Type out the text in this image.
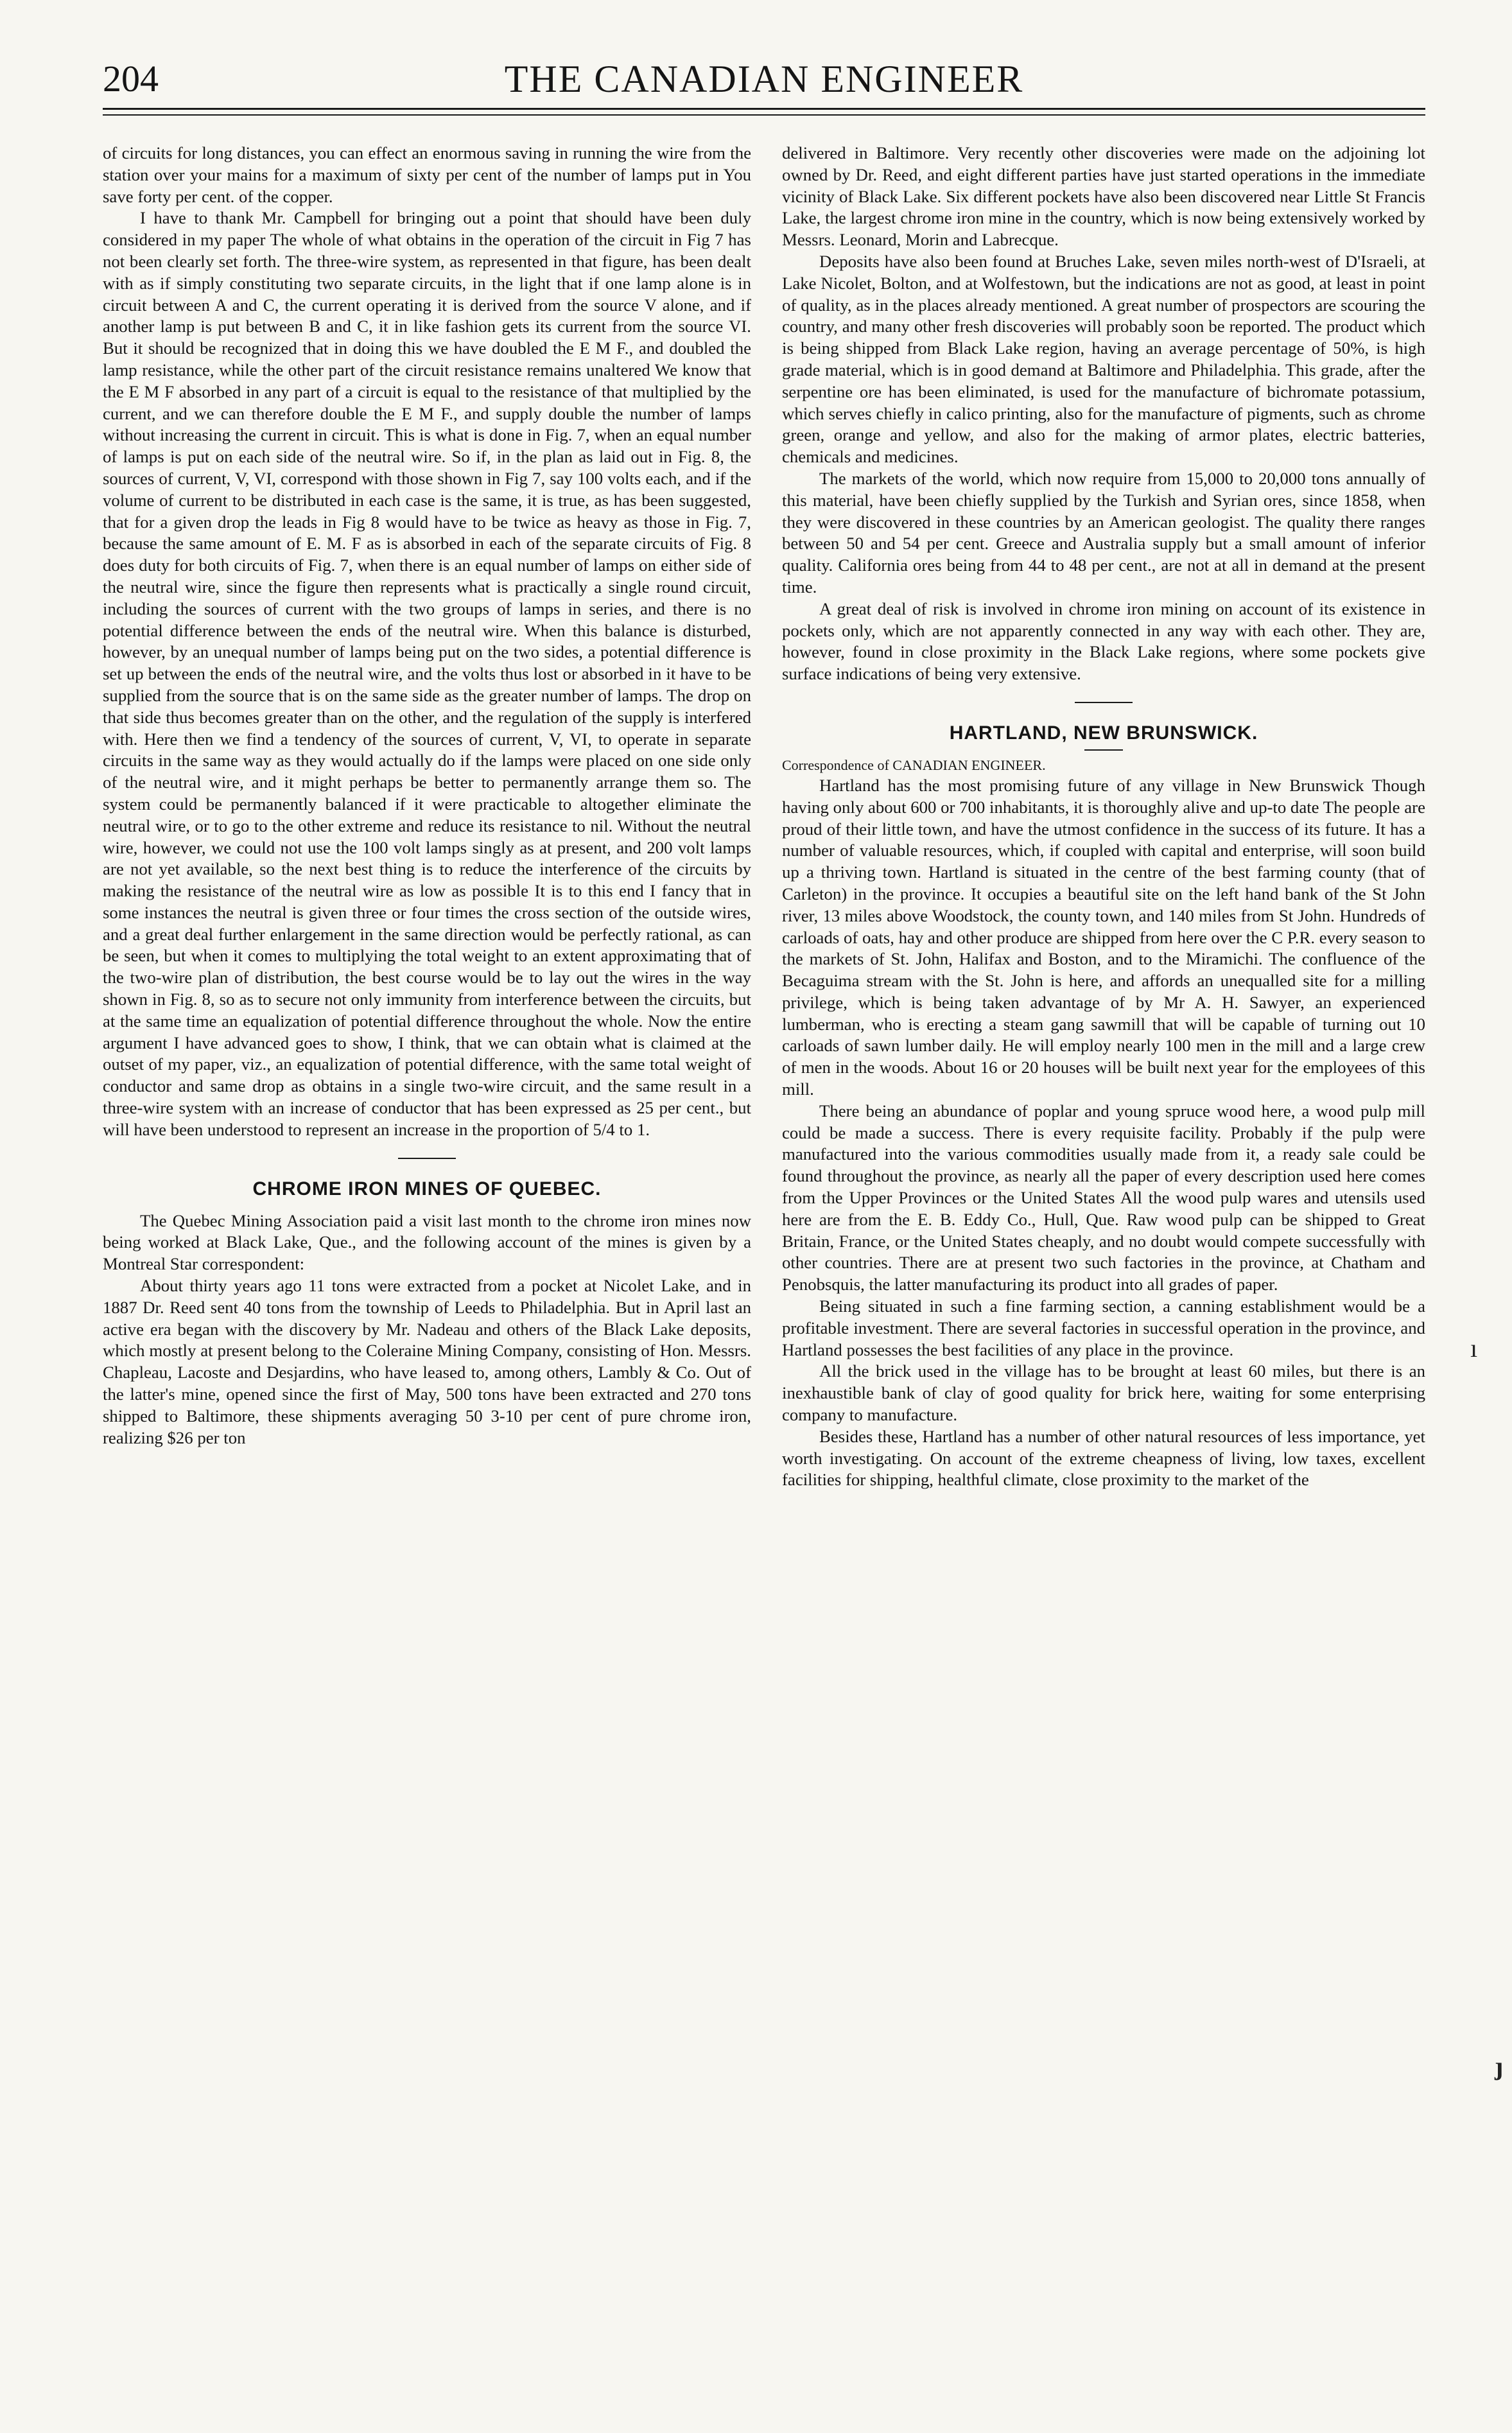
204	THE CANADIAN ENGINEER

of circuits for long distances, you can effect an enormous saving in running the wire from the station over your mains for a maximum of sixty per cent of the number of lamps put in You save forty per cent. of the copper.

I have to thank Mr. Campbell for bringing out a point that should have been duly considered in my paper The whole of what obtains in the operation of the circuit in Fig 7 has not been clearly set forth. The three-wire system, as represented in that figure, has been dealt with as if simply constituting two separate circuits, in the light that if one lamp alone is in circuit between A and C, the current operating it is derived from the source V alone, and if another lamp is put between B and C, it in like fashion gets its current from the source VI. But it should be recognized that in doing this we have doubled the E M F., and doubled the lamp resistance, while the other part of the circuit resistance remains unaltered We know that the E M F absorbed in any part of a circuit is equal to the resistance of that multiplied by the current, and we can therefore double the E M F., and supply double the number of lamps without increasing the current in circuit. This is what is done in Fig. 7, when an equal number of lamps is put on each side of the neutral wire. So if, in the plan as laid out in Fig. 8, the sources of current, V, VI, correspond with those shown in Fig 7, say 100 volts each, and if the volume of current to be distributed in each case is the same, it is true, as has been suggested, that for a given drop the leads in Fig 8 would have to be twice as heavy as those in Fig. 7, because the same amount of E. M. F as is absorbed in each of the separate circuits of Fig. 8 does duty for both circuits of Fig. 7, when there is an equal number of lamps on either side of the neutral wire, since the figure then represents what is practically a single round circuit, including the sources of current with the two groups of lamps in series, and there is no potential difference between the ends of the neutral wire. When this balance is disturbed, however, by an unequal number of lamps being put on the two sides, a potential difference is set up between the ends of the neutral wire, and the volts thus lost or absorbed in it have to be supplied from the source that is on the same side as the greater number of lamps. The drop on that side thus becomes greater than on the other, and the regulation of the supply is interfered with. Here then we find a tendency of the sources of current, V, VI, to operate in separate circuits in the same way as they would actually do if the lamps were placed on one side only of the neutral wire, and it might perhaps be better to permanently arrange them so. The system could be permanently balanced if it were practicable to altogether eliminate the neutral wire, or to go to the other extreme and reduce its resistance to nil. Without the neutral wire, however, we could not use the 100 volt lamps singly as at present, and 200 volt lamps are not yet available, so the next best thing is to reduce the interference of the circuits by making the resistance of the neutral wire as low as possible It is to this end I fancy that in some instances the neutral is given three or four times the cross section of the outside wires, and a great deal further enlargement in the same direction would be perfectly rational, as can be seen, but when it comes to multiplying the total weight to an extent approximating that of the two-wire plan of distribution, the best course would be to lay out the wires in the way shown in Fig. 8, so as to secure not only immunity from interference between the circuits, but at the same time an equalization of potential difference throughout the whole. Now the entire argument I have advanced goes to show, I think, that we can obtain what is claimed at the outset of my paper, viz., an equalization of potential difference, with the same total weight of conductor and same drop as obtains in a single two-wire circuit, and the same result in a three-wire system with an increase of conductor that has been expressed as 25 per cent., but will have been understood to represent an increase in the proportion of 5/4 to 1.

CHROME IRON MINES OF QUEBEC.

The Quebec Mining Association paid a visit last month to the chrome iron mines now being worked at Black Lake, Que., and the following account of the mines is given by a Montreal Star correspondent:

About thirty years ago 11 tons were extracted from a pocket at Nicolet Lake, and in 1887 Dr. Reed sent 40 tons from the township of Leeds to Philadelphia. But in April last an active era began with the discovery by Mr. Nadeau and others of the Black Lake deposits, which mostly at present belong to the Coleraine Mining Company, consisting of Hon. Messrs. Chapleau, Lacoste and Desjardins, who have leased to, among others, Lambly & Co. Out of the latter's mine, opened since the first of May, 500 tons have been extracted and 270 tons shipped to Baltimore, these shipments averaging 50 3-10 per cent of pure chrome iron, realizing $26 per ton

delivered in Baltimore. Very recently other discoveries were made on the adjoining lot owned by Dr. Reed, and eight different parties have just started operations in the immediate vicinity of Black Lake. Six different pockets have also been discovered near Little St Francis Lake, the largest chrome iron mine in the country, which is now being extensively worked by Messrs. Leonard, Morin and Labrecque.

Deposits have also been found at Bruches Lake, seven miles north-west of D'Israeli, at Lake Nicolet, Bolton, and at Wolfestown, but the indications are not as good, at least in point of quality, as in the places already mentioned. A great number of prospectors are scouring the country, and many other fresh discoveries will probably soon be reported. The product which is being shipped from Black Lake region, having an average percentage of 50%, is high grade material, which is in good demand at Baltimore and Philadelphia. This grade, after the serpentine ore has been eliminated, is used for the manufacture of bichromate potassium, which serves chiefly in calico printing, also for the manufacture of pigments, such as chrome green, orange and yellow, and also for the making of armor plates, electric batteries, chemicals and medicines.

The markets of the world, which now require from 15,000 to 20,000 tons annually of this material, have been chiefly supplied by the Turkish and Syrian ores, since 1858, when they were discovered in these countries by an American geologist. The quality there ranges between 50 and 54 per cent. Greece and Australia supply but a small amount of inferior quality. California ores being from 44 to 48 per cent., are not at all in demand at the present time.

A great deal of risk is involved in chrome iron mining on account of its existence in pockets only, which are not apparently connected in any way with each other. They are, however, found in close proximity in the Black Lake regions, where some pockets give surface indications of being very extensive.

HARTLAND, NEW BRUNSWICK.

Correspondence of CANADIAN ENGINEER.

Hartland has the most promising future of any village in New Brunswick Though having only about 600 or 700 inhabitants, it is thoroughly alive and up-to date The people are proud of their little town, and have the utmost confidence in the success of its future. It has a number of valuable resources, which, if coupled with capital and enterprise, will soon build up a thriving town. Hartland is situated in the centre of the best farming county (that of Carleton) in the province. It occupies a beautiful site on the left hand bank of the St John river, 13 miles above Woodstock, the county town, and 140 miles from St John. Hundreds of carloads of oats, hay and other produce are shipped from here over the C P.R. every season to the markets of St. John, Halifax and Boston, and to the Miramichi. The confluence of the Becaguima stream with the St. John is here, and affords an unequalled site for a milling privilege, which is being taken advantage of by Mr A. H. Sawyer, an experienced lumberman, who is erecting a steam gang sawmill that will be capable of turning out 10 carloads of sawn lumber daily. He will employ nearly 100 men in the mill and a large crew of men in the woods. About 16 or 20 houses will be built next year for the employees of this mill.

There being an abundance of poplar and young spruce wood here, a wood pulp mill could be made a success. There is every requisite facility. Probably if the pulp were manufactured into the various commodities usually made from it, a ready sale could be found throughout the province, as nearly all the paper of every description used here comes from the Upper Provinces or the United States All the wood pulp wares and utensils used here are from the E. B. Eddy Co., Hull, Que. Raw wood pulp can be shipped to Great Britain, France, or the United States cheaply, and no doubt would compete successfully with other countries. There are at present two such factories in the province, at Chatham and Penobsquis, the latter manufacturing its product into all grades of paper.

Being situated in such a fine farming section, a canning establishment would be a profitable investment. There are several factories in successful operation in the province, and Hartland possesses the best facilities of any place in the province.

All the brick used in the village has to be brought at least 60 miles, but there is an inexhaustible bank of clay of good quality for brick here, waiting for some enterprising company to manufacture.

Besides these, Hartland has a number of other natural resources of less importance, yet worth investigating. On account of the extreme cheapness of living, low taxes, excellent facilities for shipping, healthful climate, close proximity to the market of the

ı
ȷ
